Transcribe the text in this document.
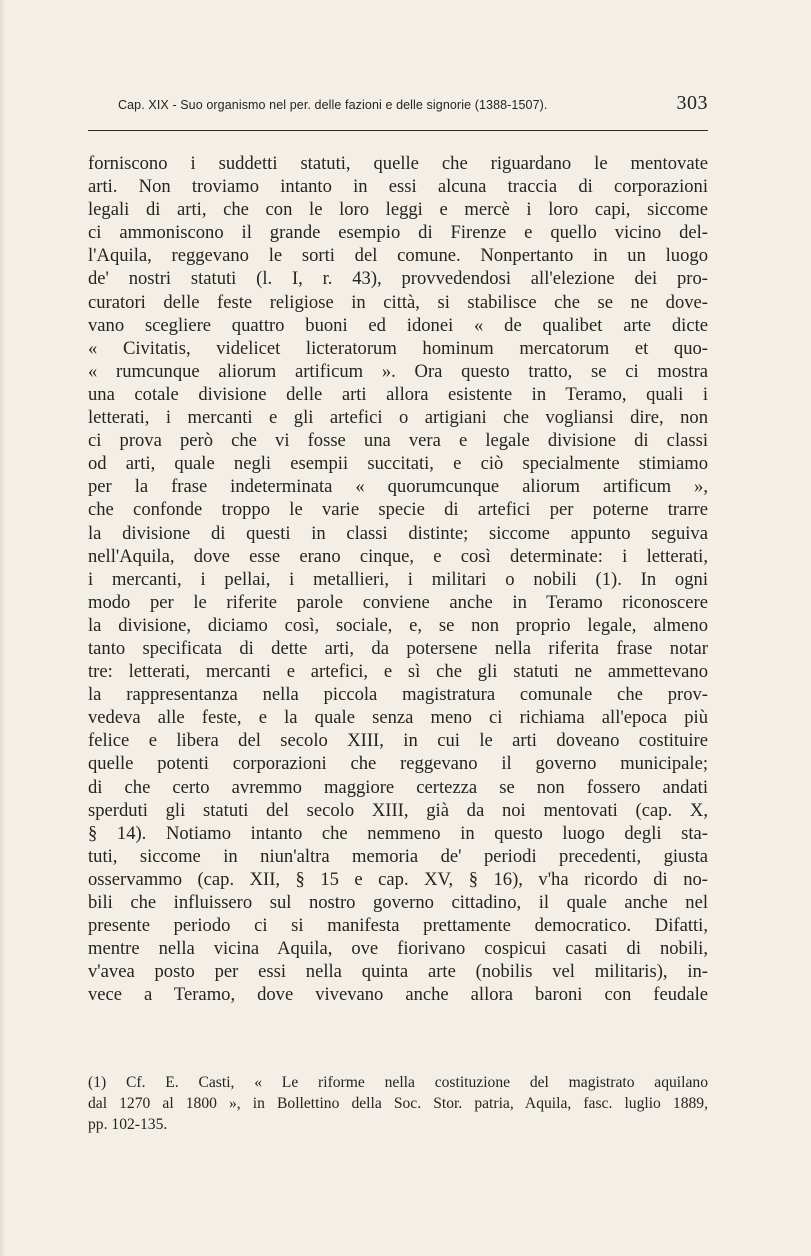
Cap. XIX - Suo organismo nel per. delle fazioni e delle signorie (1388-1507).	303
forniscono i suddetti statuti, quelle che riguardano le mentovate
arti. Non troviamo intanto in essi alcuna traccia di corporazioni
legali di arti, che con le loro leggi e mercè i loro capi, siccome
ci ammoniscono il grande esempio di Firenze e quello vicino del-
l'Aquila, reggevano le sorti del comune. Nonpertanto in un luogo
de' nostri statuti (l. I, r. 43), provvedendosi all'elezione dei pro-
curatori delle feste religiose in città, si stabilisce che se ne dove-
vano scegliere quattro buoni ed idonei « de qualibet arte dicte
« Civitatis, videlicet licteratorum hominum mercatorum et quo-
« rumcunque aliorum artificum ». Ora questo tratto, se ci mostra
una cotale divisione delle arti allora esistente in Teramo, quali i
letterati, i mercanti e gli artefici o artigiani che vogliansi dire, non
ci prova però che vi fosse una vera e legale divisione di classi
od arti, quale negli esempii succitati, e ciò specialmente stimiamo
per la frase indeterminata « quorumcunque aliorum artificum »,
che confonde troppo le varie specie di artefici per poterne trarre
la divisione di questi in classi distinte; siccome appunto seguiva
nell'Aquila, dove esse erano cinque, e così determinate: i letterati,
i mercanti, i pellai, i metallieri, i militari o nobili (1). In ogni
modo per le riferite parole conviene anche in Teramo riconoscere
la divisione, diciamo così, sociale, e, se non proprio legale, almeno
tanto specificata di dette arti, da potersene nella riferita frase notar
tre: letterati, mercanti e artefici, e sì che gli statuti ne ammettevano
la rappresentanza nella piccola magistratura comunale che prov-
vedeva alle feste, e la quale senza meno ci richiama all'epoca più
felice e libera del secolo XIII, in cui le arti doveano costituire
quelle potenti corporazioni che reggevano il governo municipale;
di che certo avremmo maggiore certezza se non fossero andati
sperduti gli statuti del secolo XIII, già da noi mentovati (cap. X,
§ 14). Notiamo intanto che nemmeno in questo luogo degli sta-
tuti, siccome in niun'altra memoria de' periodi precedenti, giusta
osservammo (cap. XII, § 15 e cap. XV, § 16), v'ha ricordo di no-
bili che influissero sul nostro governo cittadino, il quale anche nel
presente periodo ci si manifesta prettamente democratico. Difatti,
mentre nella vicina Aquila, ove fiorivano cospicui casati di nobili,
v'avea posto per essi nella quinta arte (nobilis vel militaris), in-
vece a Teramo, dove vivevano anche allora baroni con feudale
(1) Cf. E. Casti, « Le riforme nella costituzione del magistrato aquilano
dal 1270 al 1800 », in Bollettino della Soc. Stor. patria, Aquila, fasc. luglio 1889,
pp. 102-135.
